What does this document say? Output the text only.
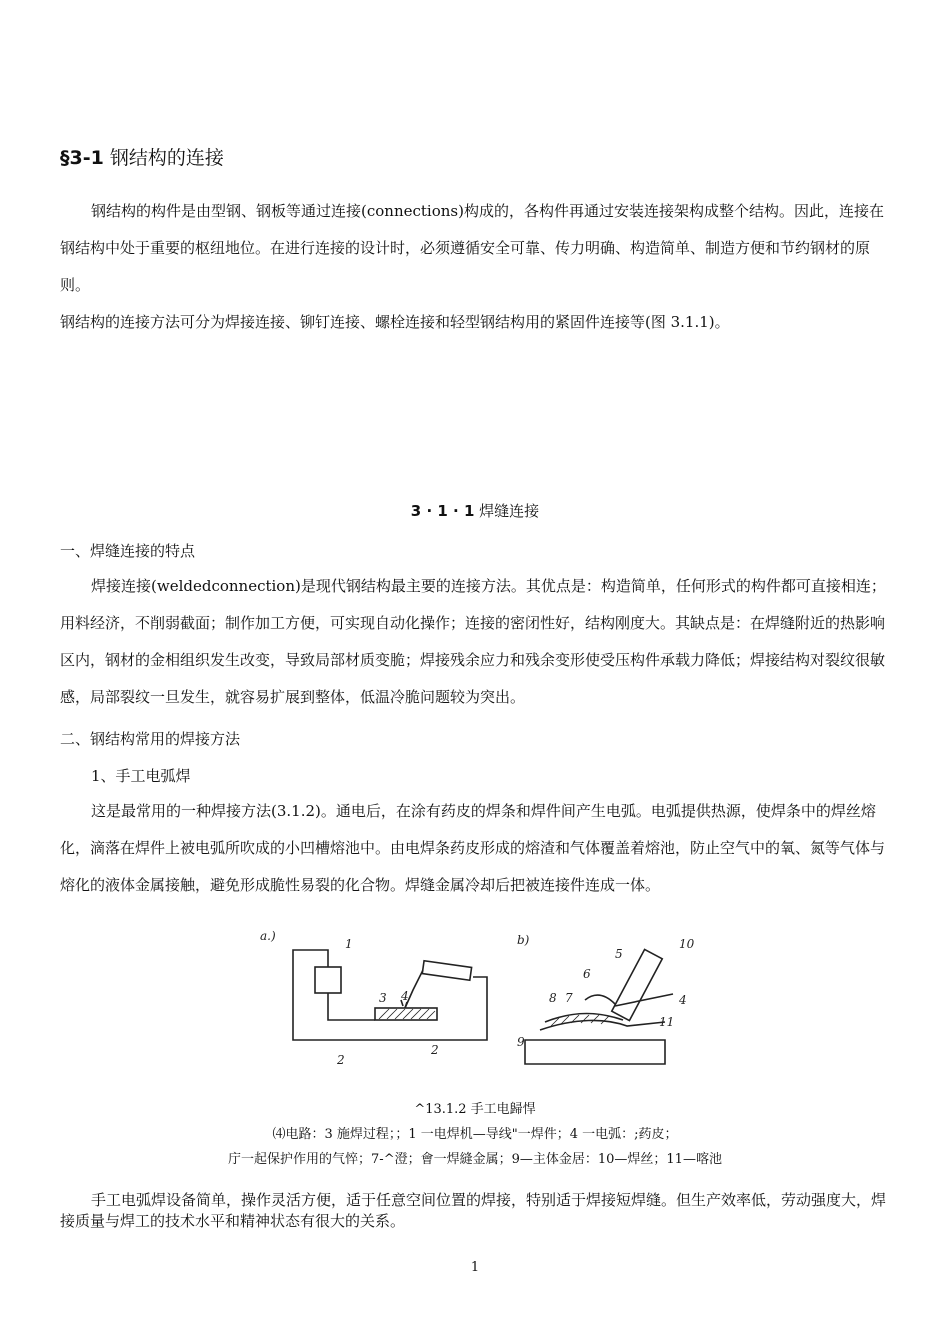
§3-1 钢结构的连接

钢结构的构件是由型钢、钢板等通过连接(connections)构成的，各构件再通过安装连接架构成整个结构。因此，连接在钢结构中处于重要的枢纽地位。在进行连接的设计时，必须遵循安全可靠、传力明确、构造简单、制造方便和节约钢材的原则。

钢结构的连接方法可分为焊接连接、铆钉连接、螺栓连接和轻型钢结构用的紧固件连接等(图 3.1.1)。

3 · 1 · 1 焊缝连接
一、焊缝连接的特点

焊接连接(weldedconnection)是现代钢结构最主要的连接方法。其优点是：构造简单，任何形式的构件都可直接相连；用料经济，不削弱截面；制作加工方便，可实现自动化操作；连接的密闭性好，结构刚度大。其缺点是：在焊缝附近的热影响区内，钢材的金相组织发生改变，导致局部材质变脆；焊接残余应力和残余变形使受压构件承载力降低；焊接结构对裂纹很敏感，局部裂纹一旦发生，就容易扩展到整体，低温冷脆问题较为突出。

二、钢结构常用的焊接方法
1、手工电弧焊

这是最常用的一种焊接方法(3.1.2)。通电后，在涂有药皮的焊条和焊件间产生电弧。电弧提供热源，使焊条中的焊丝熔化，滴落在焊件上被电弧所吹成的小凹槽熔池中。由电焊条药皮形成的熔渣和气体覆盖着熔池，防止空气中的氧、氮等气体与熔化的液体金属接触，避免形成脆性易裂的化合物。焊缝金属冷却后把被连接件连成一体。

a.)	b)
1
3 4
2
2
5
10
6
8 7	4
11
9
^13.1.2 手工电歸悍
⑷电路：3 施焊过程；；1 一电焊机—导线"一焊件；4 一电弧：;药皮；
庁一起保护作用的气悴；7-^澄；會一焊縫金属；9—主体金居：10—焊丝；11—喀池

手工电弧焊设备简单，操作灵活方便，适于任意空间位置的焊接，特别适于焊接短焊缝。但生产效率低，劳动强度大，焊接质量与焊工的技术水平和精神状态有很大的关系。

1
